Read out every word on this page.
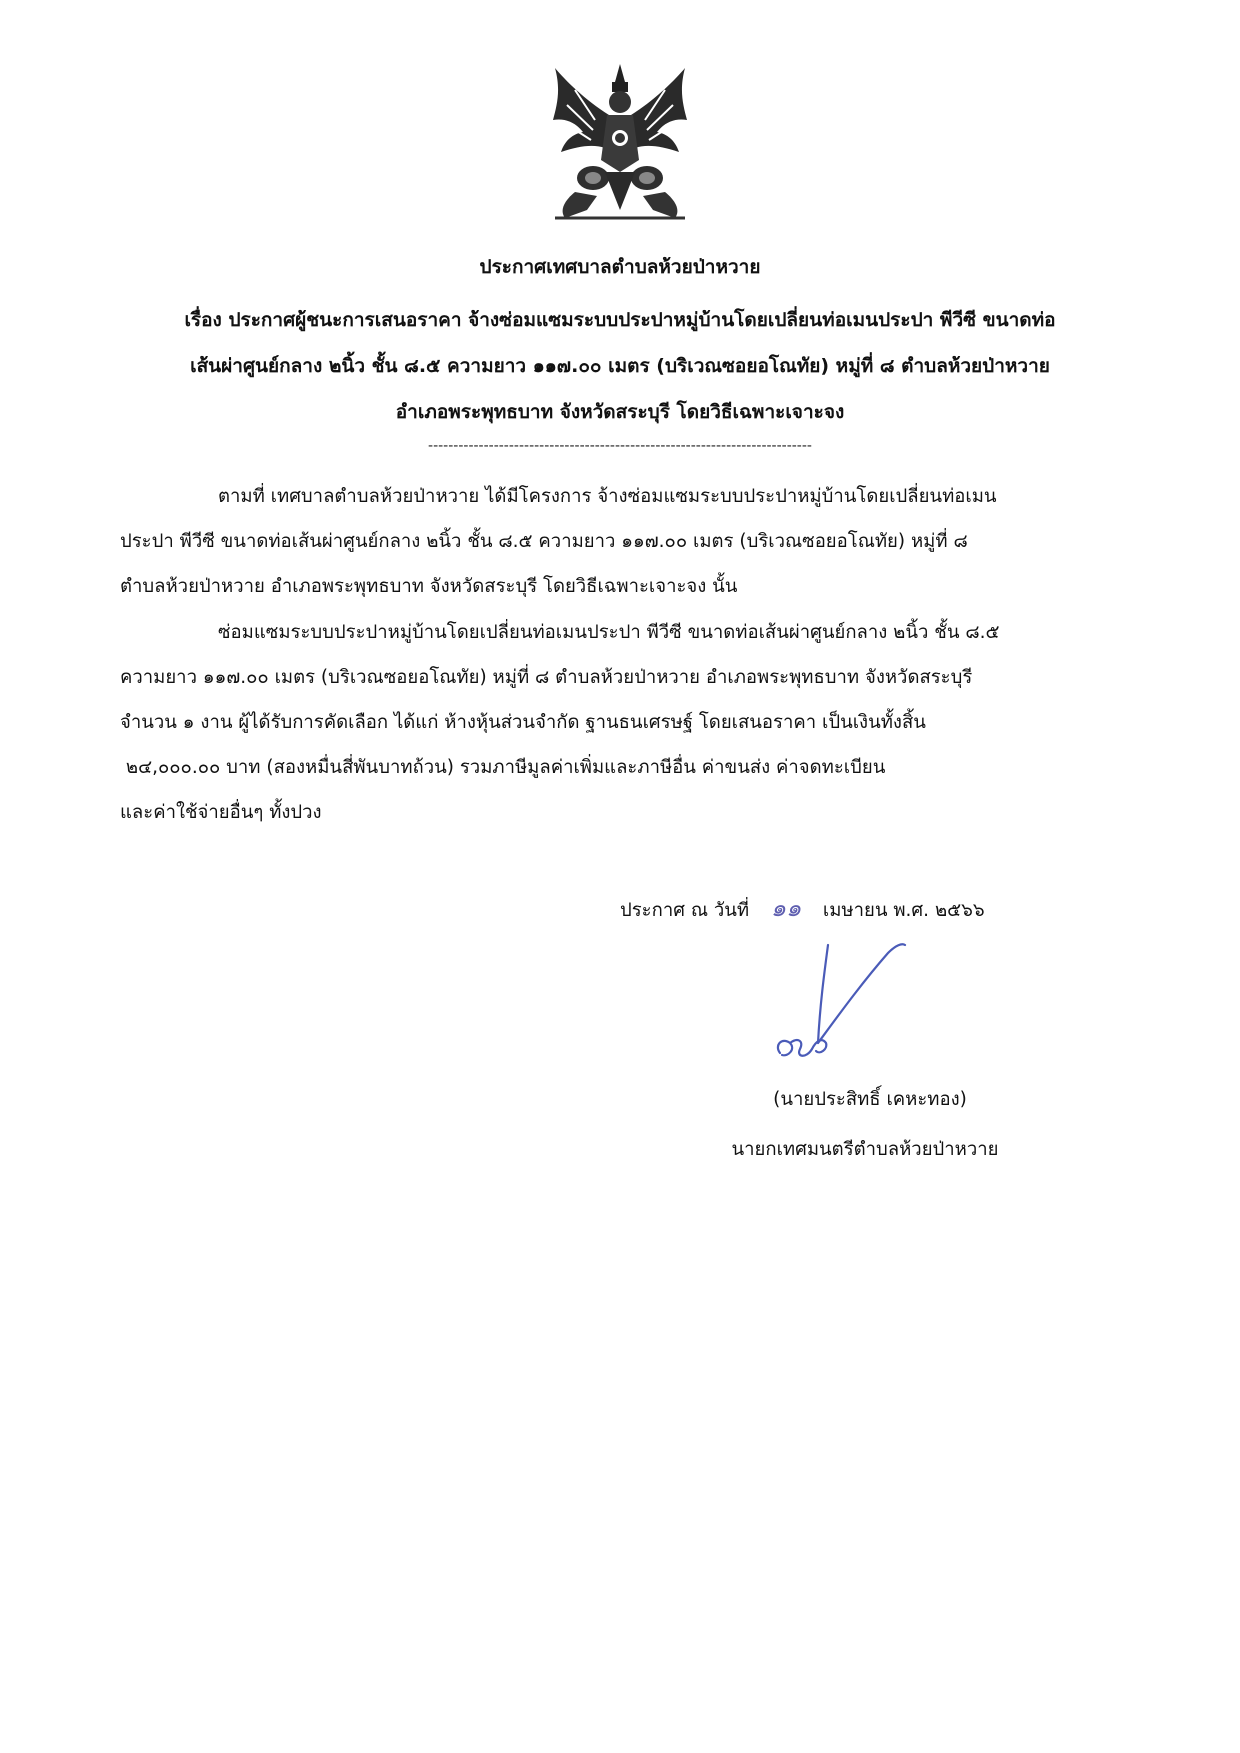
ประกาศเทศบาลตำบลห้วยป่าหวาย
เรื่อง ประกาศผู้ชนะการเสนอราคา จ้างซ่อมแซมระบบประปาหมู่บ้านโดยเปลี่ยนท่อเมนประปา พีวีซี ขนาดท่อ
เส้นผ่าศูนย์กลาง ๒นิ้ว ชั้น ๘.๕ ความยาว ๑๑๗.๐๐ เมตร (บริเวณซอยอโณทัย) หมู่ที่ ๘ ตำบลห้วยป่าหวาย
อำเภอพระพุทธบาท จังหวัดสระบุรี โดยวิธีเฉพาะเจาะจง
----------------------------------------------------------------------------
ตามที่ เทศบาลตำบลห้วยป่าหวาย ได้มีโครงการ จ้างซ่อมแซมระบบประปาหมู่บ้านโดยเปลี่ยนท่อเมน
ประปา พีวีซี ขนาดท่อเส้นผ่าศูนย์กลาง ๒นิ้ว ชั้น ๘.๕ ความยาว ๑๑๗.๐๐ เมตร (บริเวณซอยอโณทัย) หมู่ที่ ๘
ตำบลห้วยป่าหวาย อำเภอพระพุทธบาท จังหวัดสระบุรี โดยวิธีเฉพาะเจาะจง นั้น
ซ่อมแซมระบบประปาหมู่บ้านโดยเปลี่ยนท่อเมนประปา พีวีซี ขนาดท่อเส้นผ่าศูนย์กลาง ๒นิ้ว ชั้น ๘.๕
ความยาว ๑๑๗.๐๐ เมตร (บริเวณซอยอโณทัย) หมู่ที่ ๘ ตำบลห้วยป่าหวาย อำเภอพระพุทธบาท จังหวัดสระบุรี
จำนวน ๑ งาน ผู้ได้รับการคัดเลือก ได้แก่ ห้างหุ้นส่วนจำกัด ฐานธนเศรษฐ์ โดยเสนอราคา เป็นเงินทั้งสิ้น
๒๔,๐๐๐.๐๐ บาท (สองหมื่นสี่พันบาทถ้วน) รวมภาษีมูลค่าเพิ่มและภาษีอื่น ค่าขนส่ง ค่าจดทะเบียน
และค่าใช้จ่ายอื่นๆ ทั้งปวง
ประกาศ ณ วันที่ ๑๑ เมษายน พ.ศ. ๒๕๖๖
(นายประสิทธิ์ เคหะทอง)
นายกเทศมนตรีตำบลห้วยป่าหวาย
